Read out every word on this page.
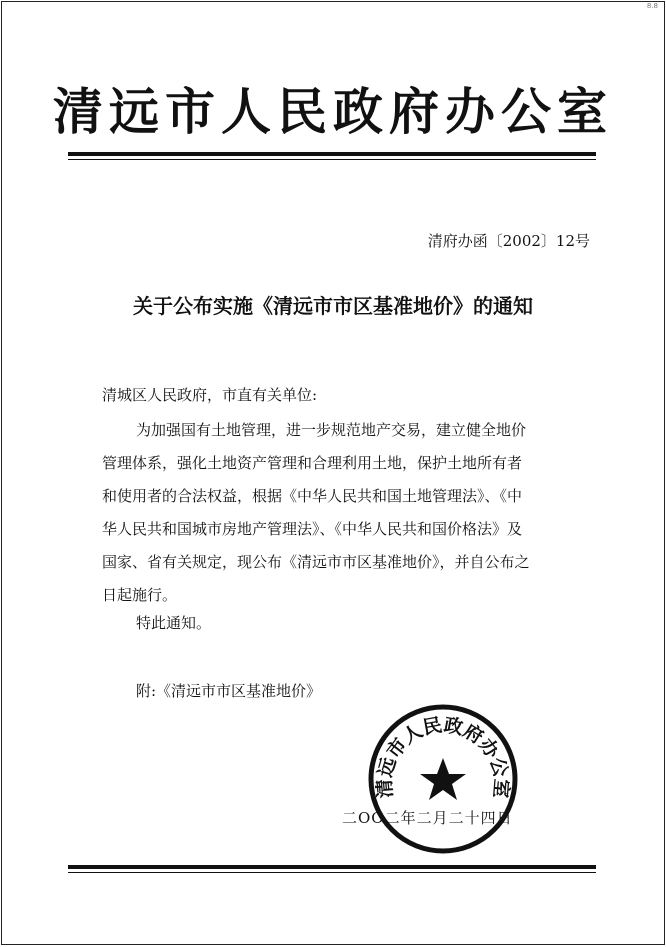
8.8
清远市人民政府办公室
清府办函〔2002〕12号
关于公布实施《清远市市区基准地价》的通知
清城区人民政府，市直有关单位:
为加强国有土地管理，进一步规范地产交易，建立健全地价
管理体系，强化土地资产管理和合理利用土地，保护土地所有者
和使用者的合法权益，根据《中华人民共和国土地管理法》、《中
华人民共和国城市房地产管理法》、《中华人民共和国价格法》及
国家、省有关规定，现公布《清远市市区基准地价》，并自公布之
日起施行。
特此通知。
附:《清远市市区基准地价》
二OO二年二月二十四日
清远市人民政府办公室
